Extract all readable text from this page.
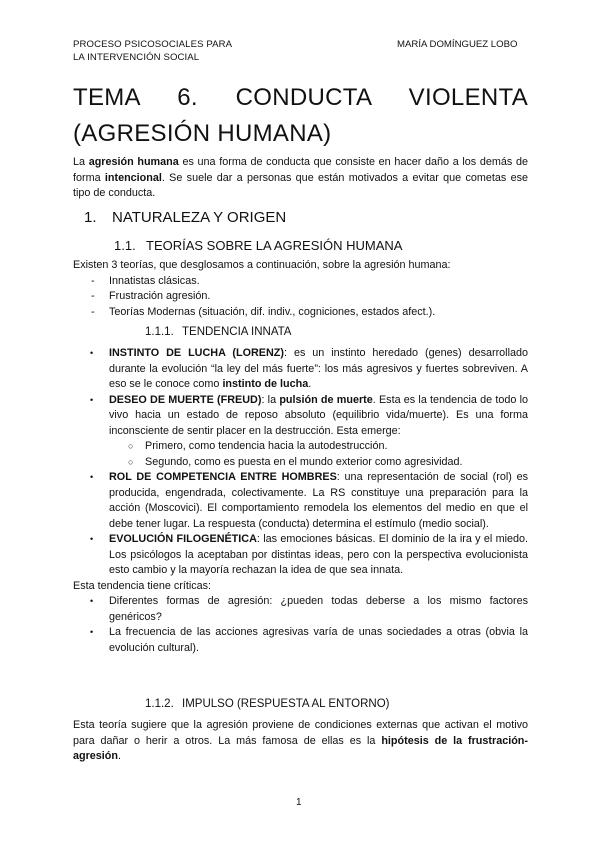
PROCESO PSICOSOCIALES PARA
LA INTERVENCIÓN SOCIAL
MARÍA DOMÍNGUEZ LOBO
TEMA 6. CONDUCTA VIOLENTA (AGRESIÓN HUMANA)
La agresión humana es una forma de conducta que consiste en hacer daño a los demás de forma intencional. Se suele dar a personas que están motivados a evitar que cometas ese tipo de conducta.
1. NATURALEZA Y ORIGEN
1.1. TEORÍAS SOBRE LA AGRESIÓN HUMANA
Existen 3 teorías, que desglosamos a continuación, sobre la agresión humana:
- Innatistas clásicas.
- Frustración agresión.
- Teorías Modernas (situación, dif. indiv., cogniciones, estados afect.).
1.1.1. TENDENCIA INNATA
• INSTINTO DE LUCHA (LORENZ): es un instinto heredado (genes) desarrollado durante la evolución “la ley del más fuerte”: los más agresivos y fuertes sobreviven. A eso se le conoce como instinto de lucha.
• DESEO DE MUERTE (FREUD): la pulsión de muerte. Esta es la tendencia de todo lo vivo hacia un estado de reposo absoluto (equilibrio vida/muerte). Es una forma inconsciente de sentir placer en la destrucción. Esta emerge:
○ Primero, como tendencia hacia la autodestrucción.
○ Segundo, como es puesta en el mundo exterior como agresividad.
• ROL DE COMPETENCIA ENTRE HOMBRES: una representación de social (rol) es producida, engendrada, colectivamente. La RS constituye una preparación para la acción (Moscovici). El comportamiento remodela los elementos del medio en que el debe tener lugar. La respuesta (conducta) determina el estímulo (medio social).
• EVOLUCIÓN FILOGENÉTICA: las emociones básicas. El dominio de la ira y el miedo. Los psicólogos la aceptaban por distintas ideas, pero con la perspectiva evolucionista esto cambio y la mayoría rechazan la idea de que sea innata.
Esta tendencia tiene críticas:
• Diferentes formas de agresión: ¿pueden todas deberse a los mismo factores genéricos?
• La frecuencia de las acciones agresivas varía de unas sociedades a otras (obvia la evolución cultural).
1.1.2. IMPULSO (RESPUESTA AL ENTORNO)
Esta teoría sugiere que la agresión proviene de condiciones externas que activan el motivo para dañar o herir a otros. La más famosa de ellas es la hipótesis de la frustración-agresión.
1
